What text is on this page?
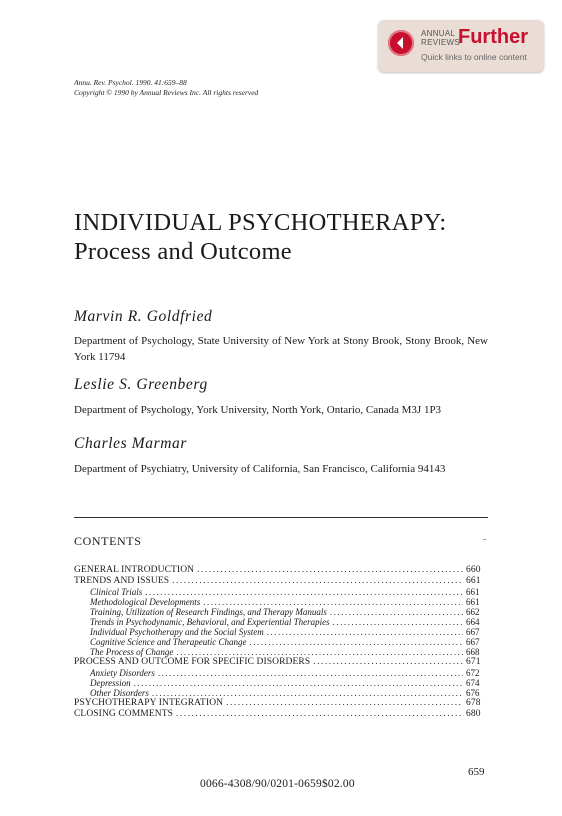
ANNUAL REVIEWS
Further
Quick links to online content
Annu. Rev. Psychol. 1990. 41:659–88
Copyright © 1990 by Annual Reviews Inc. All rights reserved
INDIVIDUAL PSYCHOTHERAPY:
Process and Outcome
Marvin R. Goldfried
Department of Psychology, State University of New York at Stony Brook, Stony Brook, New York 11794
Leslie S. Greenberg
Department of Psychology, York University, North York, Ontario, Canada M3J 1P3
Charles Marmar
Department of Psychiatry, University of California, San Francisco, California 94143
CONTENTS	-
GENERAL INTRODUCTION .....	660
TRENDS AND ISSUES .....	661
Clinical Trials .....	661
Methodological Developments .....	661
Training, Utilization of Research Findings, and Therapy Manuals .....	662
Trends in Psychodynamic, Behavioral, and Experiential Therapies .....	664
Individual Psychotherapy and the Social System .....	667
Cognitive Science and Therapeutic Change .....	667
The Process of Change .....	668
PROCESS AND OUTCOME FOR SPECIFIC DISORDERS .....	671
Anxiety Disorders .....	672
Depression .....	674
Other Disorders .....	676
PSYCHOTHERAPY INTEGRATION .....	678
CLOSING COMMENTS .....	680
659
0066-4308/90/0201-0659$02.00
